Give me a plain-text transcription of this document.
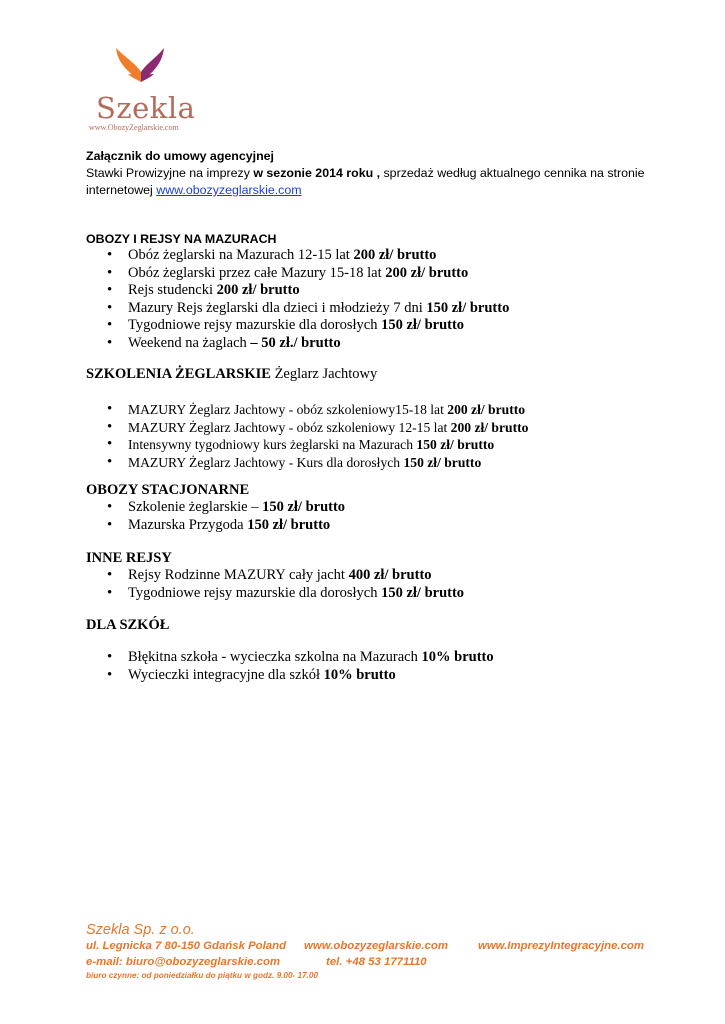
Szekla
www.ObozyZeglarskie.com
Załącznik do umowy agencyjnej
Stawki Prowizyjne na imprezy w sezonie 2014 roku , sprzedaż według aktualnego cennika na stronie
internetowej www.obozyzeglarskie.com
OBOZY I REJSY NA MAZURACH
• Obóz żeglarski na Mazurach 12-15 lat 200 zł/ brutto
• Obóz żeglarski przez całe Mazury 15-18 lat 200 zł/ brutto
• Rejs studencki 200 zł/ brutto
• Mazury Rejs żeglarski dla dzieci i młodzieży 7 dni 150 zł/ brutto
• Tygodniowe rejsy mazurskie dla dorosłych 150 zł/ brutto
• Weekend na żaglach – 50 zł./ brutto
SZKOLENIA ŻEGLARSKIE Żeglarz Jachtowy
• MAZURY Żeglarz Jachtowy - obóz szkoleniowy15-18 lat 200 zł/ brutto
• MAZURY Żeglarz Jachtowy - obóz szkoleniowy 12-15 lat 200 zł/ brutto
• Intensywny tygodniowy kurs żeglarski na Mazurach 150 zł/ brutto
• MAZURY Żeglarz Jachtowy - Kurs dla dorosłych 150 zł/ brutto
OBOZY STACJONARNE
• Szkolenie żeglarskie – 150 zł/ brutto
• Mazurska Przygoda 150 zł/ brutto
INNE REJSY
• Rejsy Rodzinne MAZURY cały jacht 400 zł/ brutto
• Tygodniowe rejsy mazurskie dla dorosłych 150 zł/ brutto
DLA SZKÓŁ
• Błękitna szkoła - wycieczka szkolna na Mazurach 10% brutto
• Wycieczki integracyjne dla szkół 10% brutto
Szekla Sp. z o.o.
ul. Legnicka 7 80-150 Gdańsk Poland www.obozyzeglarskie.com	www.ImprezyIntegracyjne.com
e-mail: biuro@obozyzeglarskie.com	tel. +48 53 1771110
biuro czynne: od poniedziałku do piątku w godz. 9.00- 17.00
